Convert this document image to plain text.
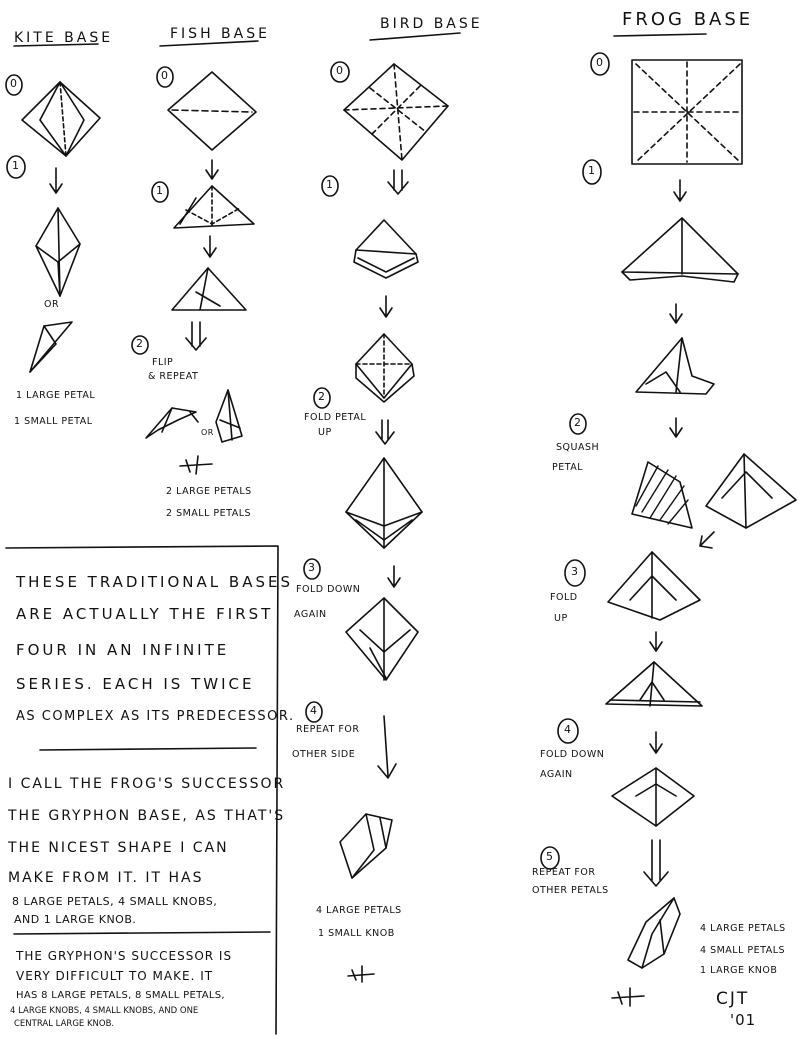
KITE BASE	FISH BASE
BIRD BASE	FROG BASE
0
1
0
1
2
0
1
2
3
4
0
1
2
3
4
5
OR
1 LARGE PETAL
1 SMALL PETAL
FLIP
& REPEAT
OR
2 LARGE PETALS
2 SMALL PETALS
FOLD PETAL
UP
FOLD DOWN
AGAIN
REPEAT FOR
OTHER SIDE
4 LARGE PETALS
1 SMALL KNOB
SQUASH
PETAL
FOLD
UP
FOLD DOWN
AGAIN
REPEAT FOR
OTHER PETALS
4 LARGE PETALS
4 SMALL PETALS
1 LARGE KNOB
THESE TRADITIONAL BASES
ARE ACTUALLY THE FIRST
FOUR IN AN INFINITE
SERIES. EACH IS TWICE
AS COMPLEX AS ITS PREDECESSOR.
I CALL THE FROG'S SUCCESSOR
THE GRYPHON BASE, AS THAT'S
THE NICEST SHAPE I CAN
MAKE FROM IT. IT HAS
8 LARGE PETALS, 4 SMALL KNOBS,
AND 1 LARGE KNOB.
THE GRYPHON'S SUCCESSOR IS
VERY DIFFICULT TO MAKE. IT
HAS 8 LARGE PETALS, 8 SMALL PETALS,
4 LARGE KNOBS, 4 SMALL KNOBS, AND ONE
CENTRAL LARGE KNOB.
CJT
'01
